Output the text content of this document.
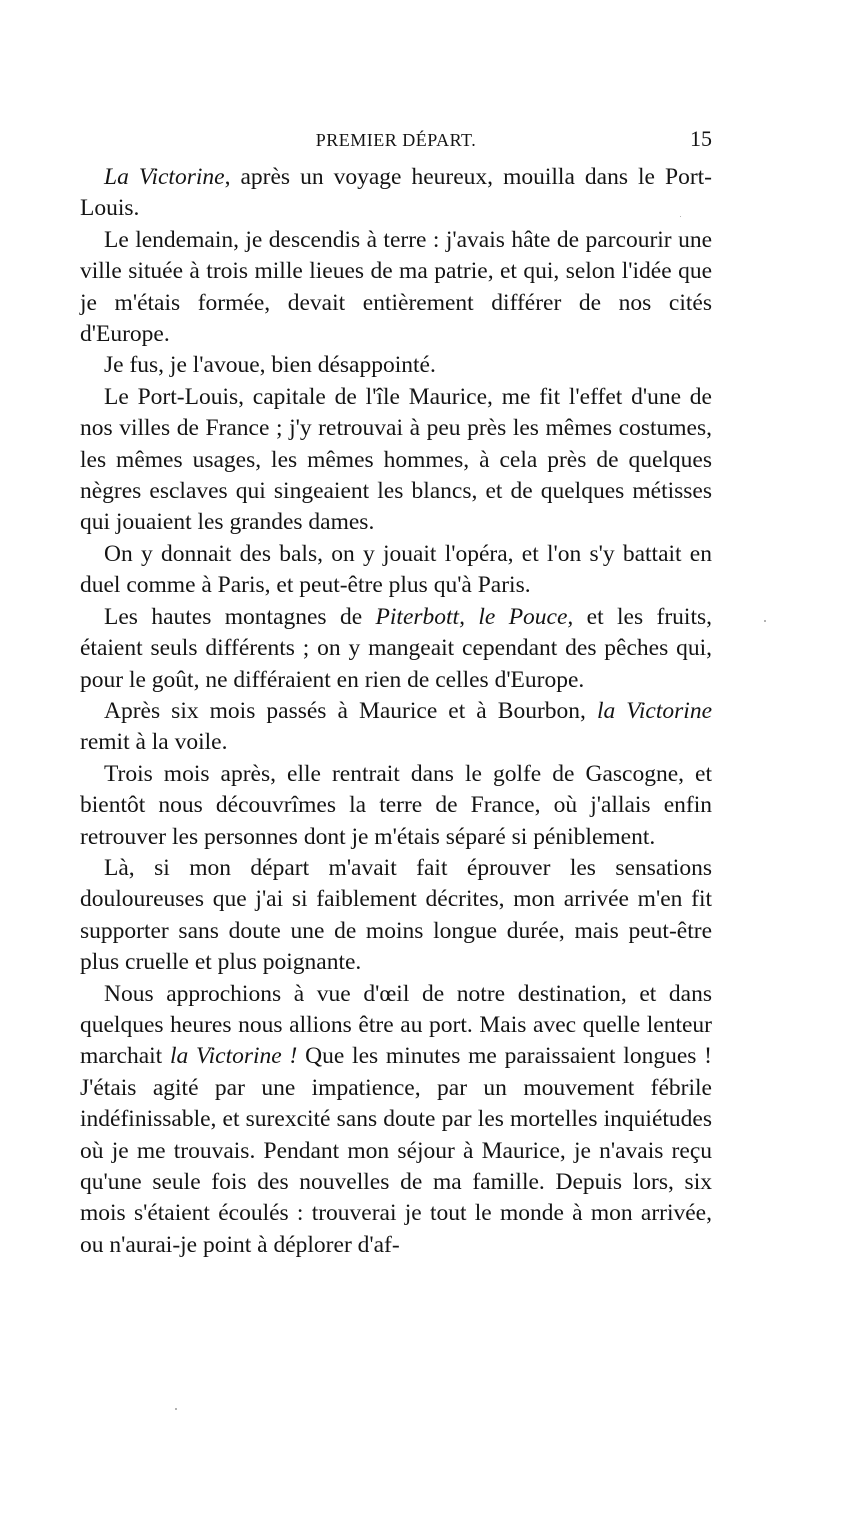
PREMIER DÉPART.	15

La Victorine, après un voyage heureux, mouilla dans le Port-Louis.

Le lendemain, je descendis à terre : j'avais hâte de parcourir une ville située à trois mille lieues de ma patrie, et qui, selon l'idée que je m'étais formée, devait entièrement différer de nos cités d'Europe.

Je fus, je l'avoue, bien désappointé.

Le Port-Louis, capitale de l'île Maurice, me fit l'effet d'une de nos villes de France ; j'y retrouvai à peu près les mêmes costumes, les mêmes usages, les mêmes hommes, à cela près de quelques nègres esclaves qui singeaient les blancs, et de quelques métisses qui jouaient les grandes dames.

On y donnait des bals, on y jouait l'opéra, et l'on s'y battait en duel comme à Paris, et peut-être plus qu'à Paris.

Les hautes montagnes de Piterbott, le Pouce, et les fruits, étaient seuls différents ; on y mangeait cependant des pêches qui, pour le goût, ne différaient en rien de celles d'Europe.

Après six mois passés à Maurice et à Bourbon, la Victorine remit à la voile.

Trois mois après, elle rentrait dans le golfe de Gascogne, et bientôt nous découvrîmes la terre de France, où j'allais enfin retrouver les personnes dont je m'étais séparé si péniblement.

Là, si mon départ m'avait fait éprouver les sensations douloureuses que j'ai si faiblement décrites, mon arrivée m'en fit supporter sans doute une de moins longue durée, mais peut-être plus cruelle et plus poignante.

Nous approchions à vue d'œil de notre destination, et dans quelques heures nous allions être au port. Mais avec quelle lenteur marchait la Victorine ! Que les minutes me paraissaient longues ! J'étais agité par une impatience, par un mouvement fébrile indéfinissable, et surexcité sans doute par les mortelles inquiétudes où je me trouvais. Pendant mon séjour à Maurice, je n'avais reçu qu'une seule fois des nouvelles de ma famille. Depuis lors, six mois s'étaient écoulés : trouverai je tout le monde à mon arrivée, ou n'aurai-je point à déplorer d'af-
